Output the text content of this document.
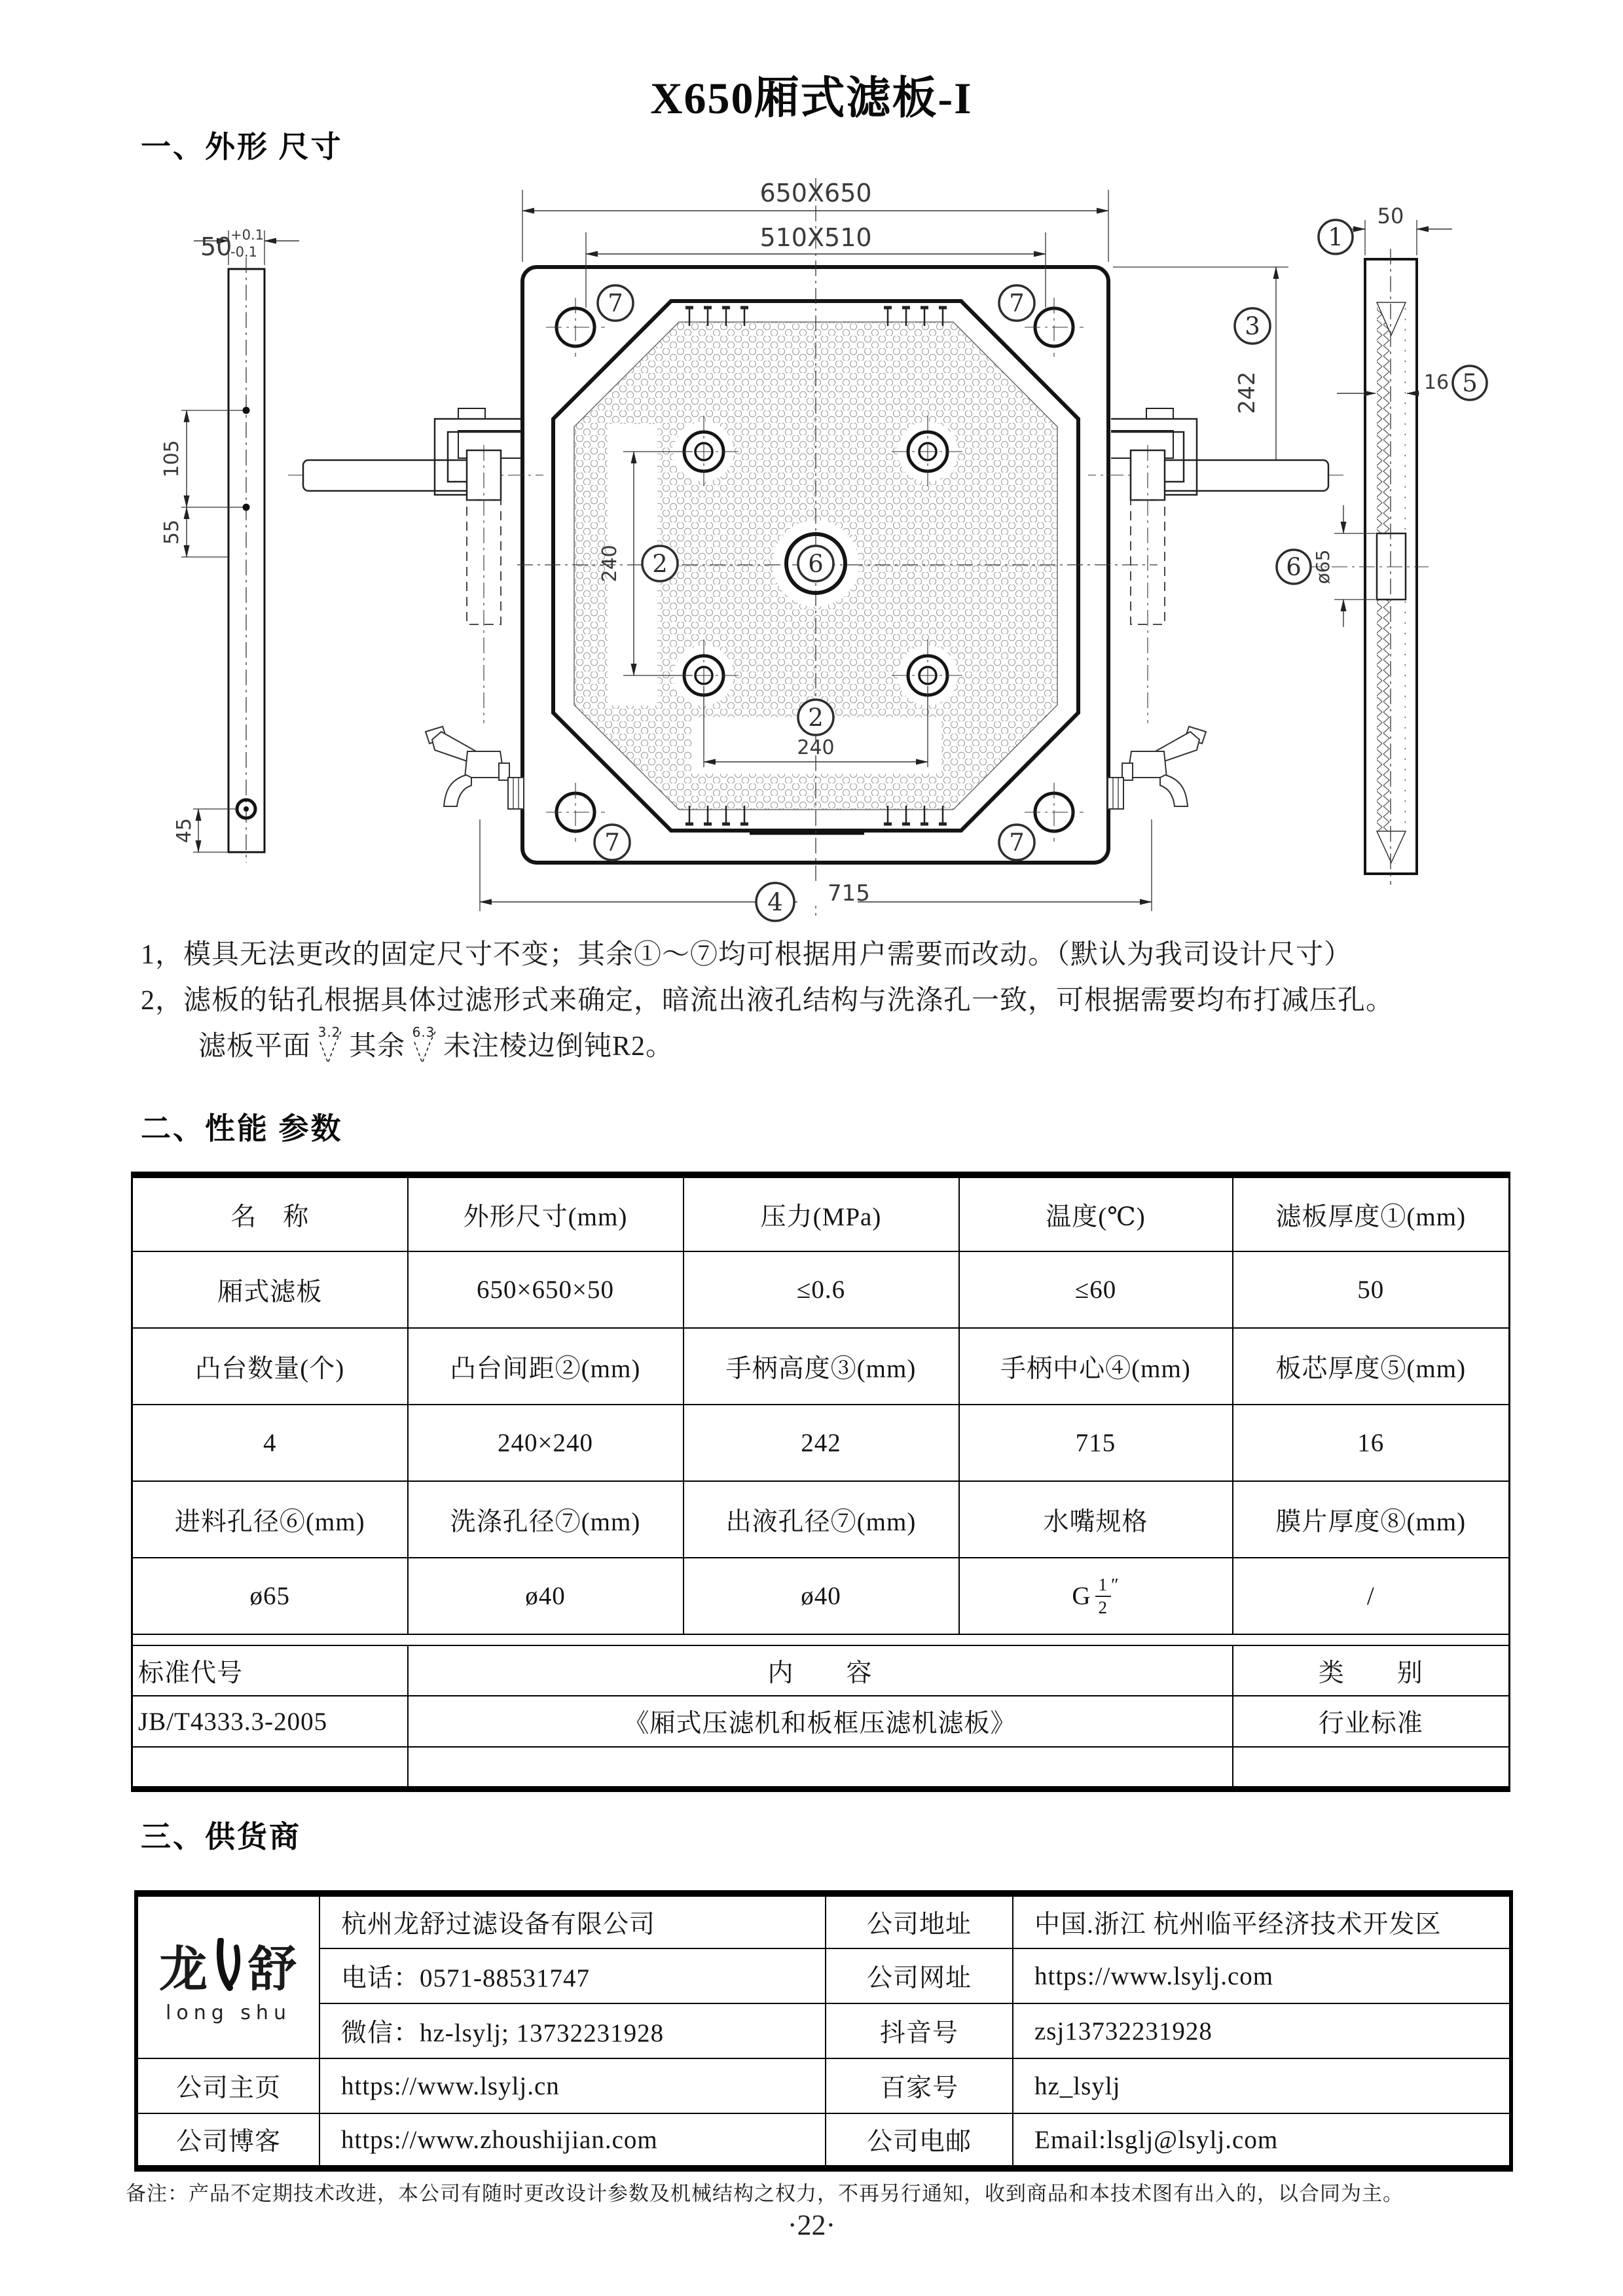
X650厢式滤板-I
一、外形 尺寸
50
+0.1
-0.1
105
55
45
650X650
510X510
240
240
242
715
50
16
ø65
7	7
7	7
2
2
6
3
4
1
5
6
1，模具无法更改的固定尺寸不变；其余①～⑦均可根据用户需要而改动。（默认为我司设计尺寸）
2，滤板的钻孔根据具体过滤形式来确定，暗流出液孔结构与洗涤孔一致，可根据需要均布打减压孔。
滤板平面 3.2 其余 6.3 未注棱边倒钝R2。
二、性能 参数
名　称	外形尺寸(mm)	压力(MPa)	温度(℃)	滤板厚度①(mm)
厢式滤板	650×650×50	≤0.6	≤60	50
凸台数量(个)	凸台间距②(mm)	手柄高度③(mm)	手柄中心④(mm)	板芯厚度⑤(mm)
4	240×240	242	715	16
进料孔径⑥(mm)	洗涤孔径⑦(mm)	出液孔径⑦(mm)	水嘴规格	膜片厚度⑧(mm)
ø65	ø40	ø40	G $\frac{1}{2}$ ″	/

标准代号	内　　容			类　　别
JB/T4333.3-2005	《厢式压滤机和板框压滤机滤板》			行业标准

三、供货商
龙 舒
long shu	杭州龙舒过滤设备有限公司	公司地址	中国.浙江 杭州临平经济技术开发区
	电话：0571-88531747	公司网址	https://www.lsylj.com
	微信：hz-lsylj; 13732231928	抖音号	zsj13732231928
公司主页	https://www.lsylj.cn	百家号	hz_lsylj
公司博客	https://www.zhoushijian.com	公司电邮	Email:lsglj@lsylj.com
备注：产品不定期技术改进，本公司有随时更改设计参数及机械结构之权力，不再另行通知，收到商品和本技术图有出入的，以合同为主。
·22·
